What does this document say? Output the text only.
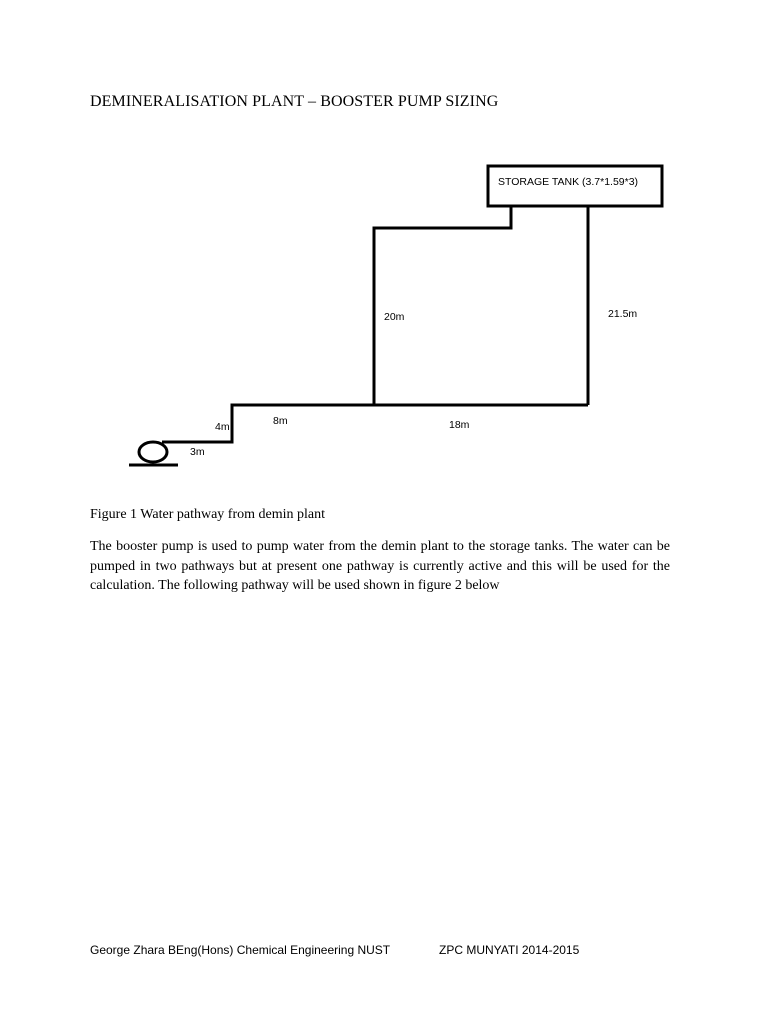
DEMINERALISATION PLANT – BOOSTER PUMP SIZING
STORAGE TANK (3.7*1.59*3)
3m
4m	8m	18m
20m	21.5m
Figure 1 Water pathway from demin plant
The booster pump is used to pump water from the demin plant to the storage tanks. The water can be pumped in two pathways but at present one pathway is currently active and this will be used for the calculation. The following pathway will be used shown in figure 2 below
George Zhara BEng(Hons) Chemical Engineering NUST	ZPC MUNYATI 2014-2015
